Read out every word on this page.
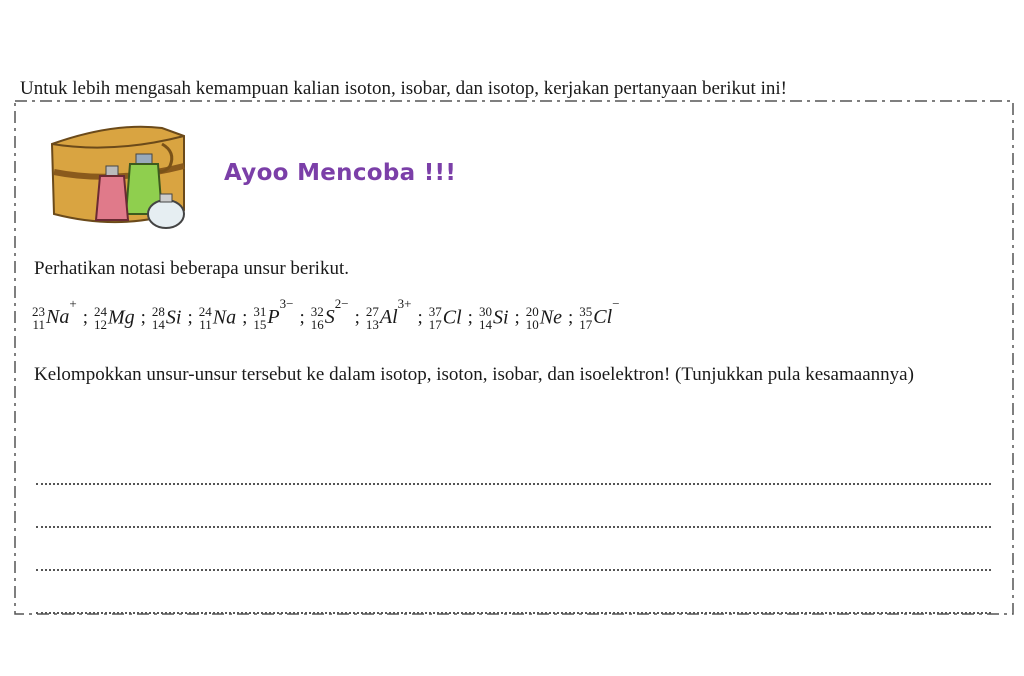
Untuk lebih mengasah kemampuan kalian isoton, isobar, dan isotop, kerjakan pertanyaan berikut ini!
Ayoo Mencoba !!!
Perhatikan notasi beberapa unsur berikut.
23
11 Na+; 24
12 Mg ; 28
14 Si ; 24
11 Na ; 31
15 $P^{3-}$; 32
16 $S^{2-}$; 27
13 $Al^{3+}$; 37
17 Cl ; 30
14 Si ; 20
10 Ne ; 35
17 Cl−
Kelompokkan unsur-unsur tersebut ke dalam isotop, isoton, isobar, dan isoelektron! (Tunjukkan pula kesamaannya)
